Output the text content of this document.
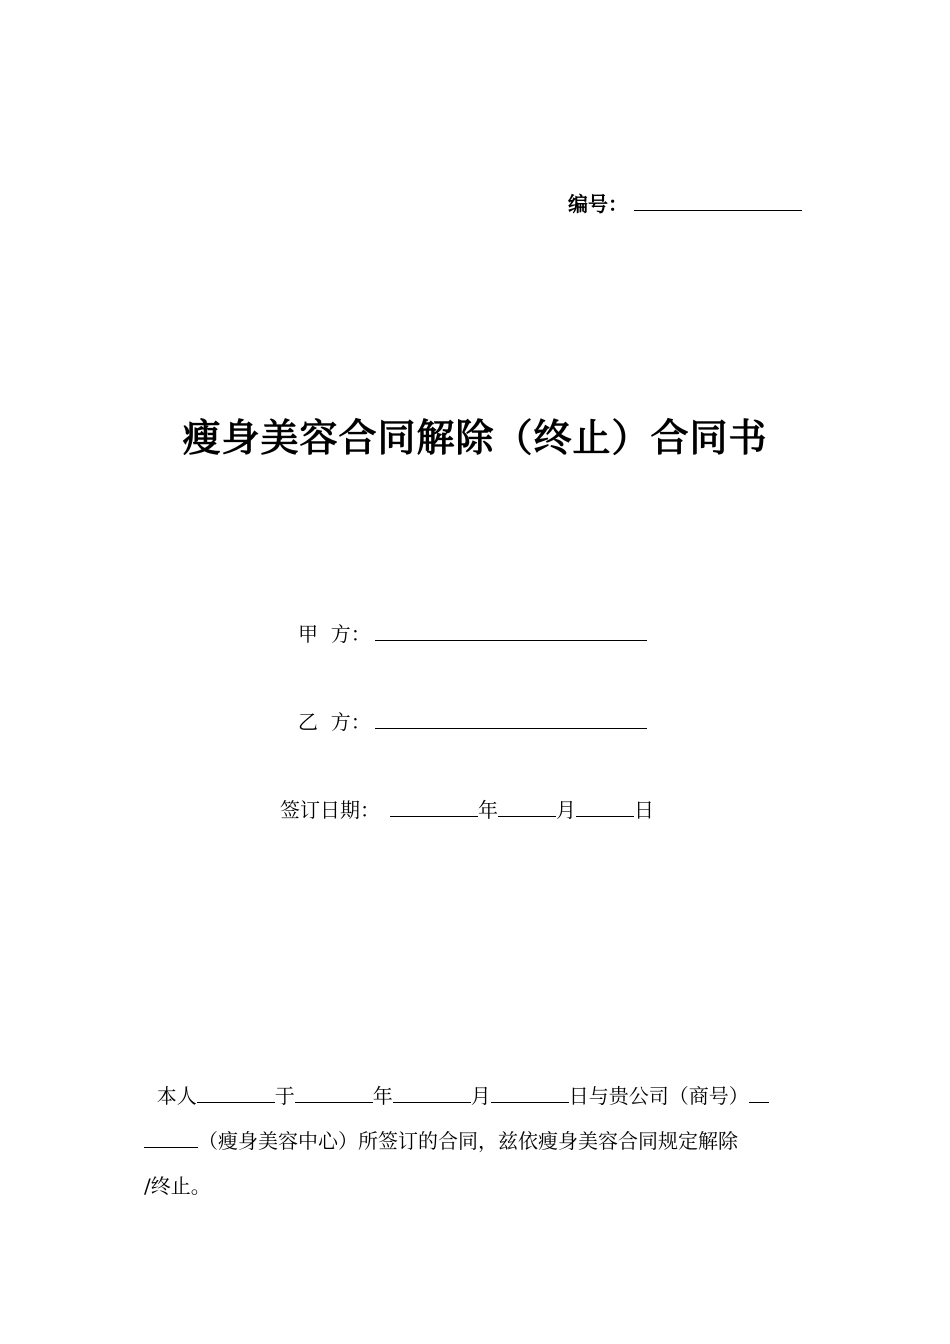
编号：
瘦身美容合同解除（终止）合同书
甲  方：
乙  方：
签订日期：	年	月	日
本人	于	年	月	日与贵公司（商号）
（瘦身美容中心）所签订的合同，兹依瘦身美容合同规定解除
/终止。
